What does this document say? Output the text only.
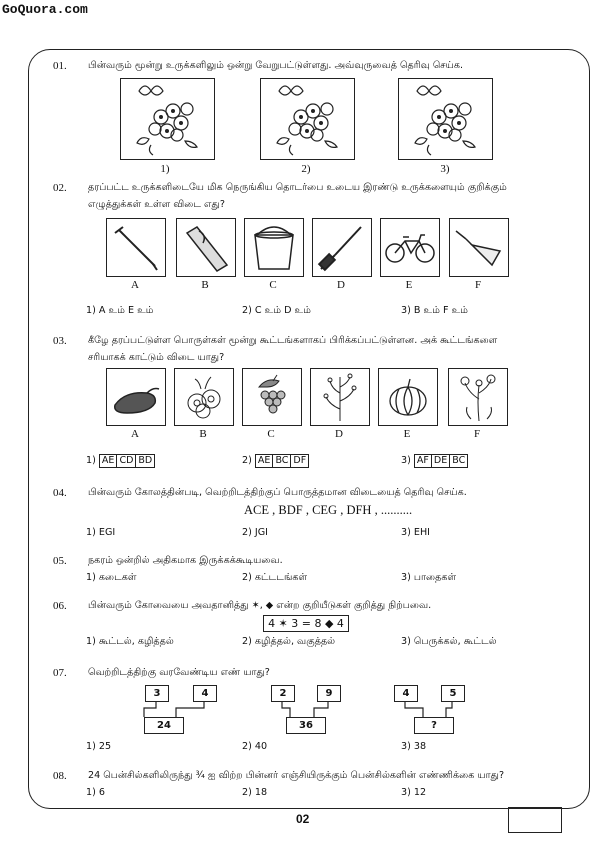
GoQuora.com
01. பின்வரும் மூன்று உருக்களிலும் ஒன்று வேறுபட்டுள்ளது. அவ்வுருவைத் தெரிவு செய்க.
1)	2)	3)
02. தரப்பட்ட உருக்களிடையே மிக நெருங்கிய தொடர்பை உடைய இரண்டு உருக்களையும் குறிக்கும்
எழுத்துக்கள் உள்ள விடை எது?
A	B	C	D	E	F
1) A உம் E உம்	2) C உம் D உம்	3) B உம் F உம்
03. கீழே தரப்பட்டுள்ள பொருள்கள் மூன்று கூட்டங்களாகப் பிரிக்கப்பட்டுள்ளன. அக் கூட்டங்களை
சரியாகக் காட்டும் விடை யாது?
A	B	C	D	E	F
1) AE CD BD	2) AE BC DF	3) AF DE BC
04. பின்வரும் கோலத்தின்படி, வெற்றிடத்திற்குப் பொருத்தமான விடையைத் தெரிவு செய்க.
ACE , BDF , CEG , DFH , ..........
1) EGI	2) JGI	3) EHI
05. நகரம் ஒன்றில் அதிகமாக இருக்கக்கூடியவை.
1) கடைகள்	2) கட்டடங்கள்	3) பாதைகள்
06. பின்வரும் கோவையை அவதானித்து ✶, ◆ என்ற குறியீடுகள் குறித்து நிற்பவை.
4 ✶ 3 = 8 ◆ 4
1) கூட்டல், கழித்தல்	2) கழித்தல், வகுத்தல்	3) பெருக்கல், கூட்டல்
07. வெற்றிடத்திற்கு வரவேண்டிய எண் யாது?
3	4
24
2	9
36
4	5
?
1) 25	2) 40	3) 38
08. 24 பென்சில்களிலிருந்து ¾ ஐ விற்ற பின்னர் எஞ்சியிருக்கும் பென்சில்களின் எண்ணிக்கை யாது?
1) 6	2) 18	3) 12
02
